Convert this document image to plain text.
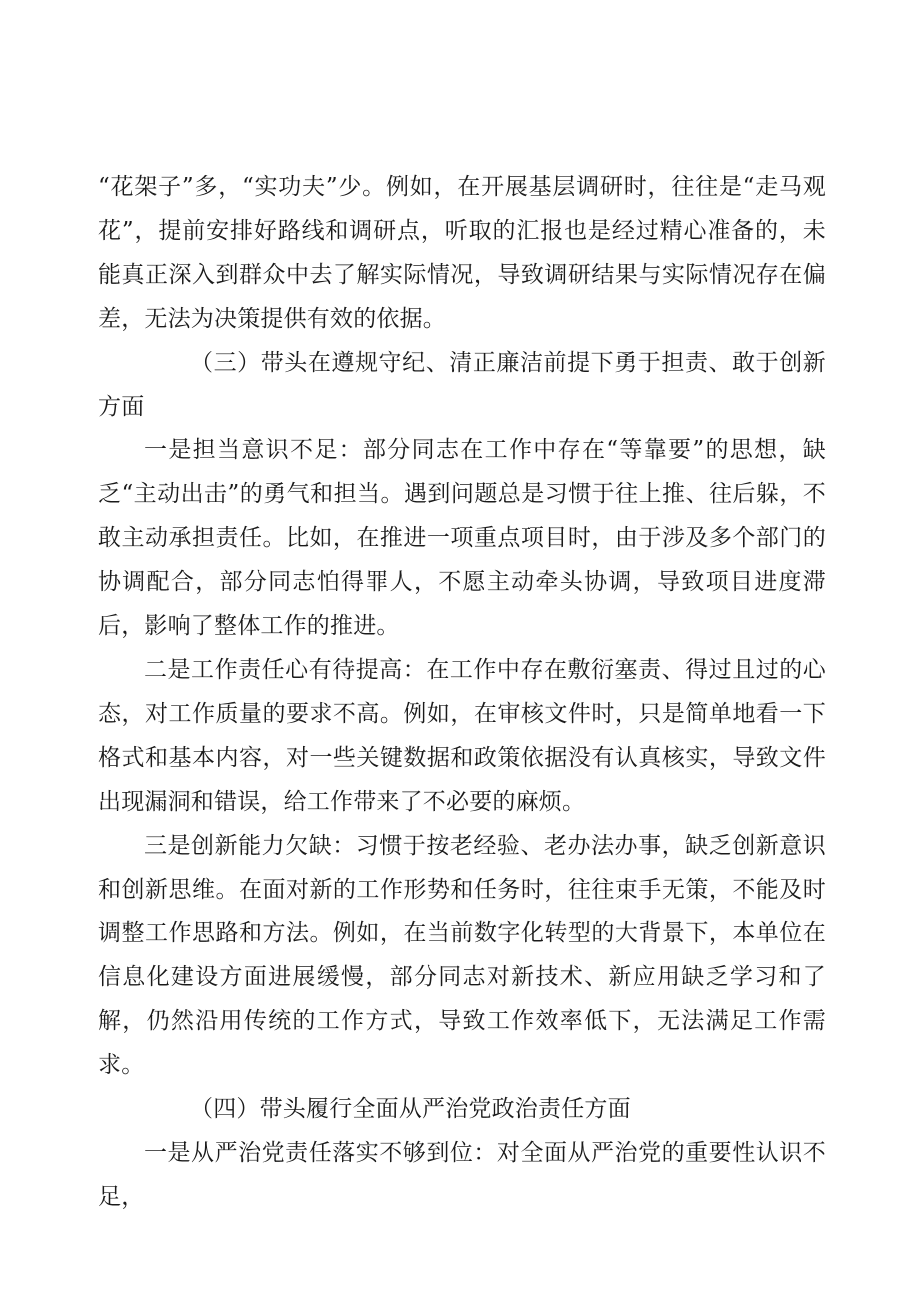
“花架子”多，“实功夫”少。例如，在开展基层调研时，往往是“走马观花”，提前安排好路线和调研点，听取的汇报也是经过精心准备的，未能真正深入到群众中去了解实际情况，导致调研结果与实际情况存在偏差，无法为决策提供有效的依据。

（三）带头在遵规守纪、清正廉洁前提下勇于担责、敢于创新方面

一是担当意识不足：部分同志在工作中存在“等靠要”的思想，缺乏“主动出击”的勇气和担当。遇到问题总是习惯于往上推、往后躲，不敢主动承担责任。比如，在推进一项重点项目时，由于涉及多个部门的协调配合，部分同志怕得罪人，不愿主动牵头协调，导致项目进度滞后，影响了整体工作的推进。

二是工作责任心有待提高：在工作中存在敷衍塞责、得过且过的心态，对工作质量的要求不高。例如，在审核文件时，只是简单地看一下格式和基本内容，对一些关键数据和政策依据没有认真核实，导致文件出现漏洞和错误，给工作带来了不必要的麻烦。

三是创新能力欠缺：习惯于按老经验、老办法办事，缺乏创新意识和创新思维。在面对新的工作形势和任务时，往往束手无策，不能及时调整工作思路和方法。例如，在当前数字化转型的大背景下，本单位在信息化建设方面进展缓慢，部分同志对新技术、新应用缺乏学习和了解，仍然沿用传统的工作方式，导致工作效率低下，无法满足工作需求。

（四）带头履行全面从严治党政治责任方面

一是从严治党责任落实不够到位：对全面从严治党的重要性认识不足，
